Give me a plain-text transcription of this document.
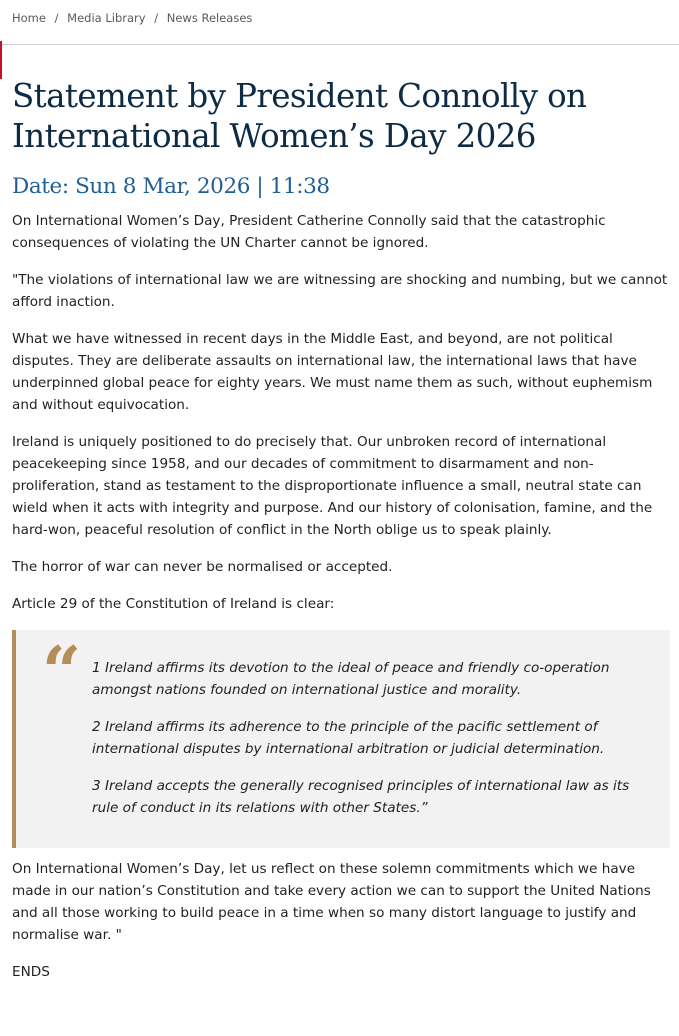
Home / Media Library / News Releases
Statement by President Connolly on
International Women’s Day 2026
Date: Sun 8 Mar, 2026 | 11:38

On International Women’s Day, President Catherine Connolly said that the catastrophic consequences of violating the UN Charter cannot be ignored.

"The violations of international law we are witnessing are shocking and numbing, but we cannot afford inaction.

What we have witnessed in recent days in the Middle East, and beyond, are not political disputes. They are deliberate assaults on international law, the international laws that have underpinned global peace for eighty years. We must name them as such, without euphemism and without equivocation.

Ireland is uniquely positioned to do precisely that. Our unbroken record of international peacekeeping since 1958, and our decades of commitment to disarmament and non-proliferation, stand as testament to the disproportionate influence a small, neutral state can wield when it acts with integrity and purpose. And our history of colonisation, famine, and the hard-won, peaceful resolution of conflict in the North oblige us to speak plainly.

The horror of war can never be normalised or accepted.

Article 29 of the Constitution of Ireland is clear:

“ 1 Ireland affirms its devotion to the ideal of peace and friendly co-operation amongst nations founded on international justice and morality.

2 Ireland affirms its adherence to the principle of the pacific settlement of international disputes by international arbitration or judicial determination.

3 Ireland accepts the generally recognised principles of international law as its rule of conduct in its relations with other States.”

On International Women’s Day, let us reflect on these solemn commitments which we have made in our nation’s Constitution and take every action we can to support the United Nations and all those working to build peace in a time when so many distort language to justify and normalise war. "

ENDS
